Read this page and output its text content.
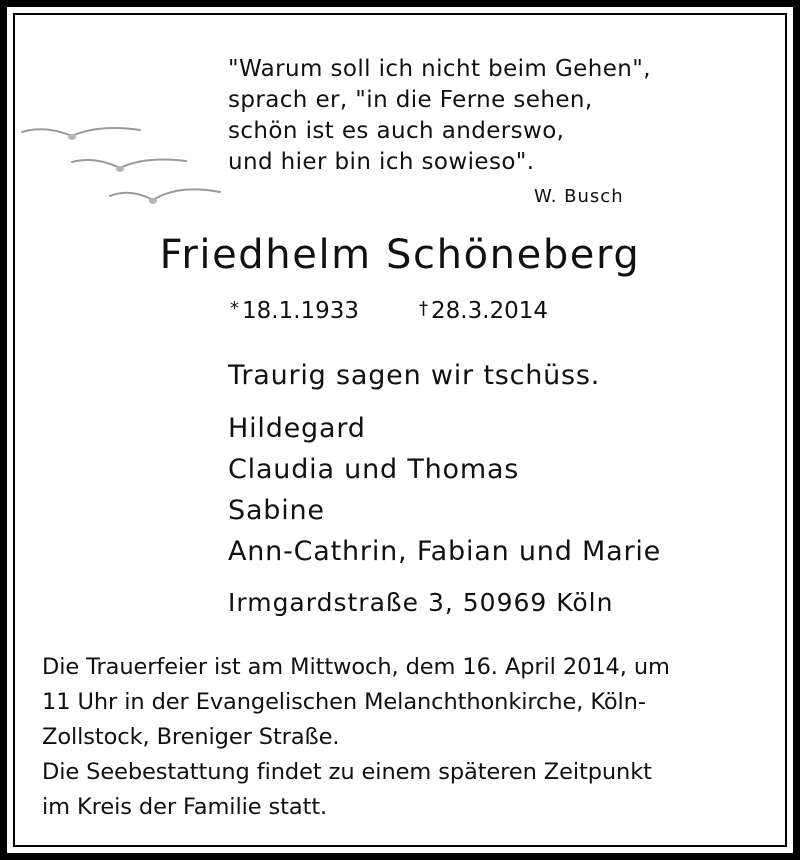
"Warum soll ich nicht beim Gehen",
sprach er, "in die Ferne sehen,
schön ist es auch anderswo,
und hier bin ich sowieso".
W. Busch
Friedhelm Schöneberg
* 18.1.1933	† 28.3.2014
Traurig sagen wir tschüss.
Hildegard
Claudia und Thomas
Sabine
Ann-Cathrin, Fabian und Marie
Irmgardstraße 3, 50969 Köln
Die Trauerfeier ist am Mittwoch, dem 16. April 2014, um
11 Uhr in der Evangelischen Melanchthonkirche, Köln-
Zollstock, Breniger Straße.
Die Seebestattung findet zu einem späteren Zeitpunkt
im Kreis der Familie statt.
